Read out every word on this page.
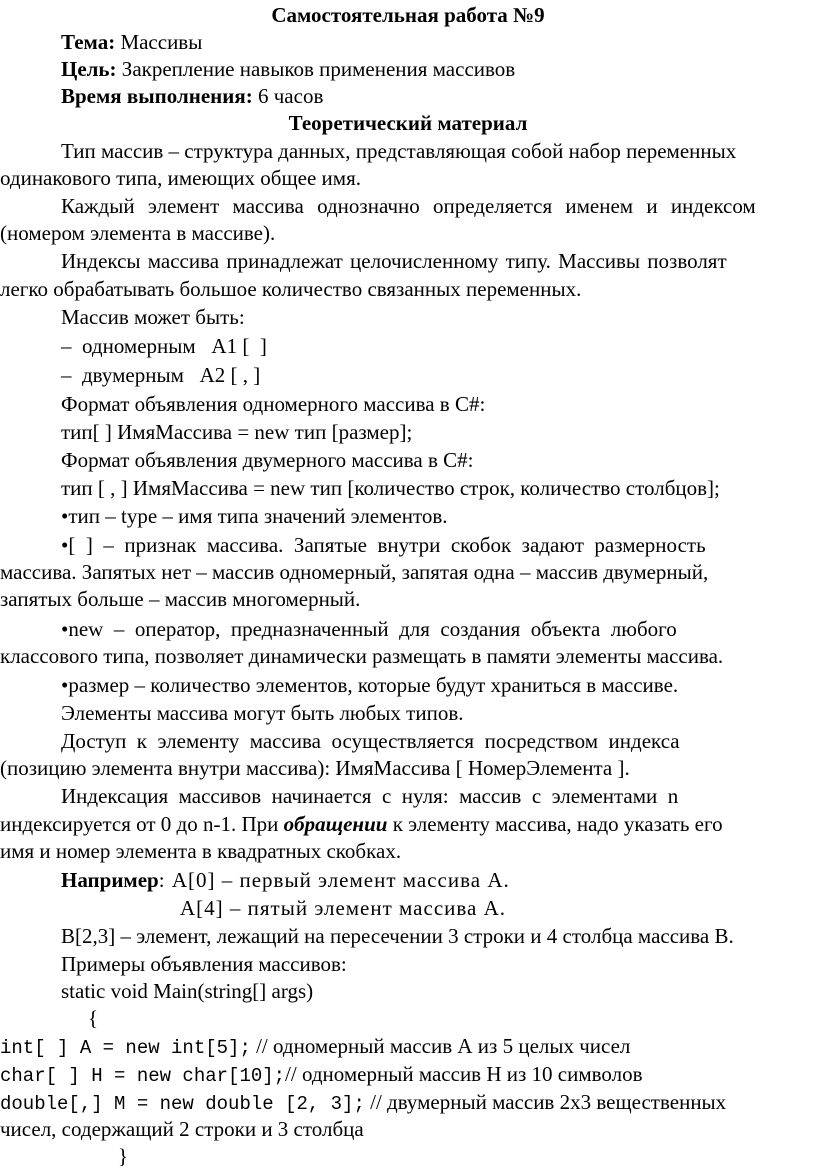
Самостоятельная работа №9
Тема: Массивы
Цель: Закрепление навыков применения массивов
Время выполнения: 6 часов
Теоретический материал
Тип массив – структура данных, представляющая собой набор переменных
одинакового типа, имеющих общее имя.
Каждый элемент массива однозначно определяется именем и индексом
(номером элемента в массиве).
Индексы массива принадлежат целочисленному типу. Массивы позволят
легко обрабатывать большое количество связанных переменных.
Массив может быть:
–  одномерным   А1 [  ]
–  двумерным   А2 [ , ]
Формат объявления одномерного массива в С#:
тип[ ] ИмяМассива = new тип [размер];
Формат объявления двумерного массива в С#:
тип [ , ] ИмяМассива = new тип [количество строк, количество столбцов];
•тип – type – имя типа значений элементов.
•[  ]  –  признак  массива.  Запятые  внутри  скобок  задают  размерность
массива. Запятых нет – массив одномерный, запятая одна – массив двумерный,
запятых больше – массив многомерный.
•new  –  оператор,  предназначенный  для  создания  объекта  любого
классового типа, позволяет динамически размещать в памяти элементы массива.
•размер – количество элементов, которые будут храниться в массиве.
Элементы массива могут быть любых типов.
Доступ  к  элементу  массива  осуществляется  посредством  индекса
(позицию элемента внутри массива): ИмяМассива [ НомерЭлемента ].
Индексация  массивов  начинается  с  нуля:  массив  с  элементами  n
индексируется от 0 до n-1. При обращении к элементу массива, надо указать его
имя и номер элемента в квадратных скобках.
Например: А[0] – первый элемент массива А.
А[4] – пятый элемент массива А.
В[2,3] – элемент, лежащий на пересечении 3 строки и 4 столбца массива В.
Примеры объявления массивов:
static void Main(string[] args)
{
int[ ] A = new int[5]; // одномерный массив А из 5 целых чисел
char[ ] H = new char[10];// одномерный массив H из 10 символов
double[,] M = new double [2, 3]; // двумерный массив 2х3 вещественных
чисел, содержащий 2 строки и 3 столбца
}
